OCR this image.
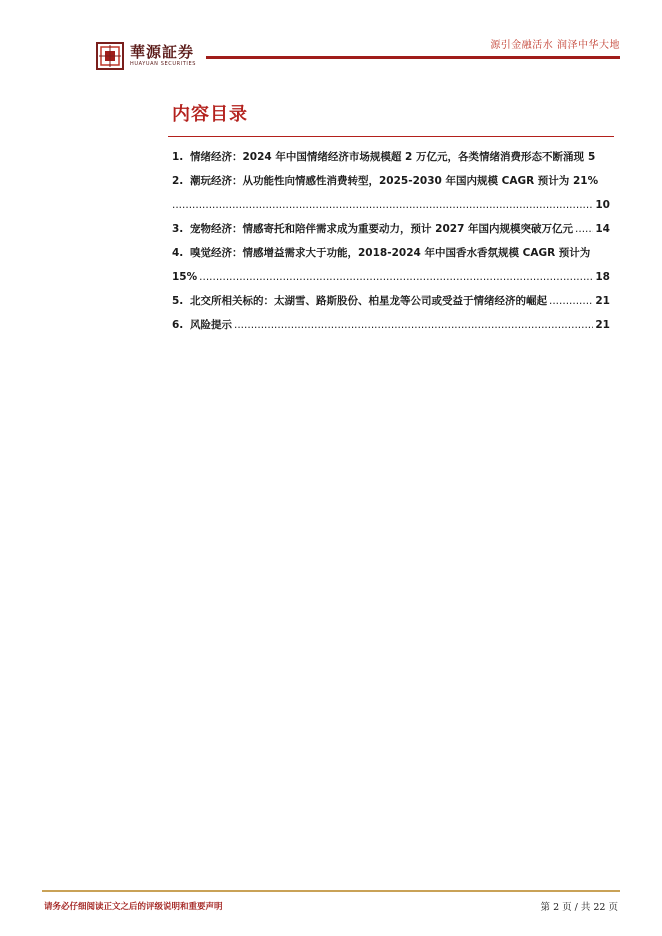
華源証券
HUAYUAN SECURITIES
源引金融活水 润泽中华大地
内容目录
1. 情绪经济：2024 年中国情绪经济市场规模超 2 万亿元，各类情绪消费形态不断涌现 5
2. 潮玩经济：从功能性向情感性消费转型，2025-2030 年国内规模 CAGR 预计为 21%
.....
10
3. 宠物经济：情感寄托和陪伴需求成为重要动力，预计 2027 年国内规模突破万亿元 ..... 14
4. 嗅觉经济：情感增益需求大于功能，2018-2024 年中国香水香氛规模 CAGR 预计为
15% .....	18
5. 北交所相关标的：太湖雪、路斯股份、柏星龙等公司或受益于情绪经济的崛起 .....	21
6. 风险提示 .....	21
请务必仔细阅读正文之后的评级说明和重要声明	第 2 页 / 共 22 页
